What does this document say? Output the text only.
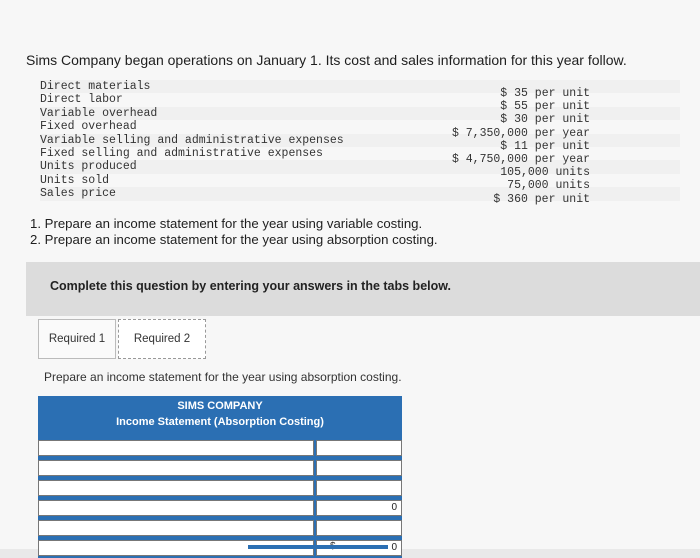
Sims Company began operations on January 1. Its cost and sales information for this year follow.
Direct materials
Direct labor
Variable overhead
Fixed overhead
Variable selling and administrative expenses
Fixed selling and administrative expenses
Units produced
Units sold
Sales price
$ 35 per unit
$ 55 per unit
$ 30 per unit
$ 7,350,000 per year
$ 11 per unit
$ 4,750,000 per year
105,000 units
75,000 units
$ 360 per unit
1. Prepare an income statement for the year using variable costing.
2. Prepare an income statement for the year using absorption costing.
Complete this question by entering your answers in the tabs below.
Required 1	Required 2
Prepare an income statement for the year using absorption costing.
SIMS COMPANY
Income Statement (Absorption Costing)
0
0
